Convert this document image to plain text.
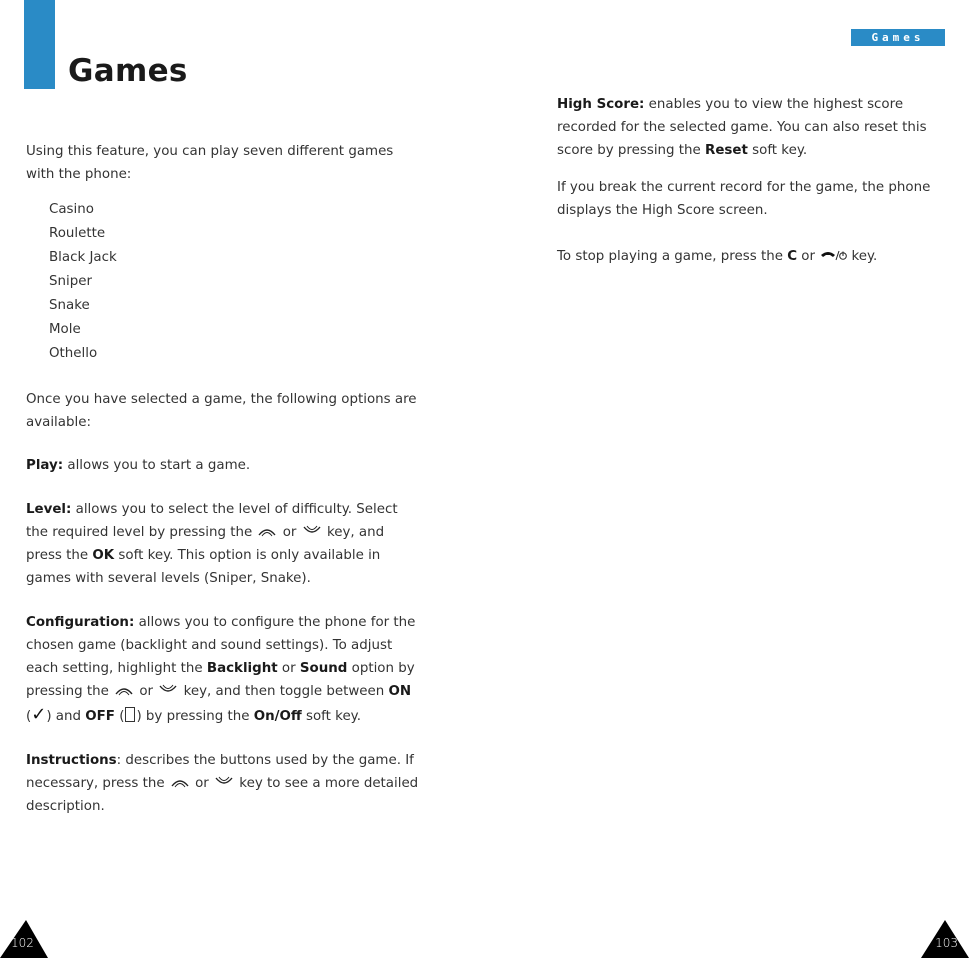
Games
Games

Using this feature, you can play seven different games with the phone:

Casino
Roulette
Black Jack
Sniper
Snake
Mole
Othello

Once you have selected a game, the following options are available:

Play: allows you to start a game.

Level: allows you to select the level of difficulty. Select the required level by pressing the
or
key, and press the OK soft key. This option is only available in games with several levels (Sniper, Snake).

Configuration: allows you to configure the phone for the chosen game (backlight and sound settings). To adjust each setting, highlight the Backlight or Sound option by pressing the
or
key, and then toggle between ON (✓) and OFF ( ) by pressing the On/Off soft key.

Instructions: describes the buttons used by the game. If necessary, press the
or
key to see a more detailed description.

High Score: enables you to view the highest score recorded for the selected game. You can also reset this score by pressing the Reset soft key.

If you break the current record for the game, the phone displays the High Score screen.

To stop playing a game, press the C or  key.

102	103
